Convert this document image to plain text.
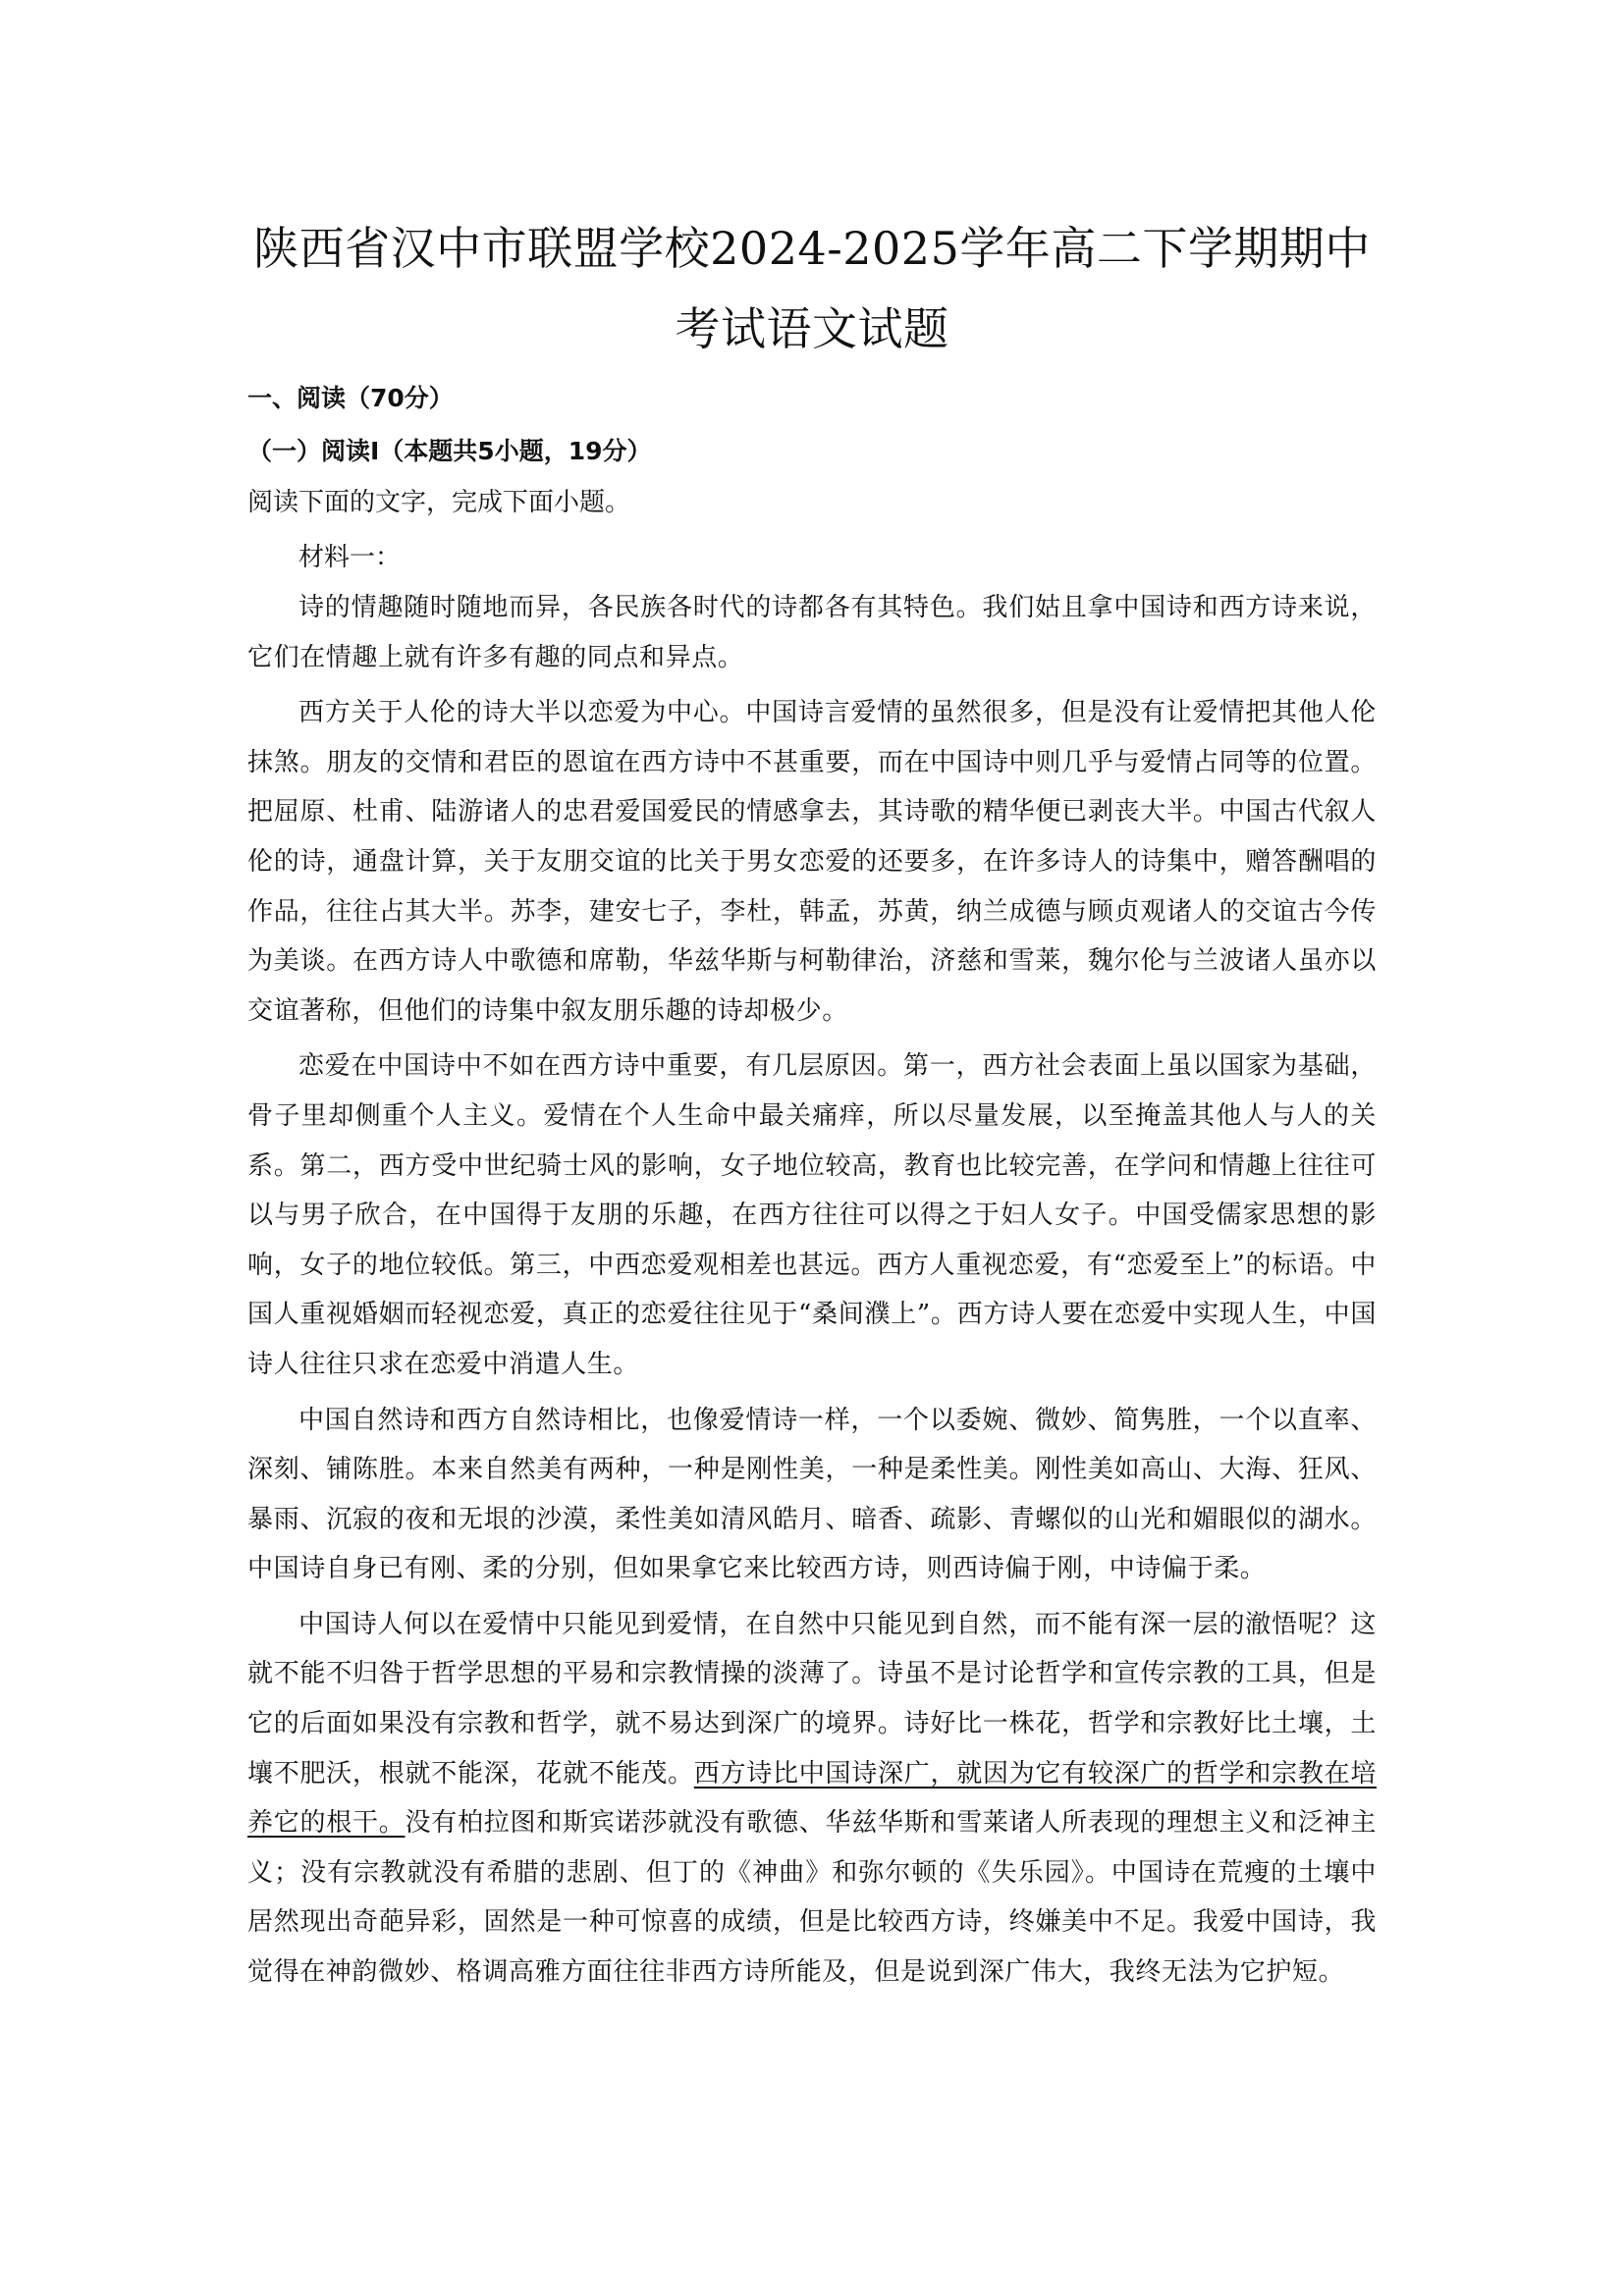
陕西省汉中市联盟学校2024-2025学年高二下学期期中
考试语文试题
一、阅读（70分）
（一）阅读Ⅰ（本题共5小题，19分）
阅读下面的文字，完成下面小题。
材料一：

诗的情趣随时随地而异，各民族各时代的诗都各有其特色。我们姑且拿中国诗和西方诗来说，它们在情趣上就有许多有趣的同点和异点。

西方关于人伦的诗大半以恋爱为中心。中国诗言爱情的虽然很多，但是没有让爱情把其他人伦抹煞。朋友的交情和君臣的恩谊在西方诗中不甚重要，而在中国诗中则几乎与爱情占同等的位置。把屈原、杜甫、陆游诸人的忠君爱国爱民的情感拿去，其诗歌的精华便已剥丧大半。中国古代叙人伦的诗，通盘计算，关于友朋交谊的比关于男女恋爱的还要多，在许多诗人的诗集中，赠答酬唱的作品，往往占其大半。苏李，建安七子，李杜，韩孟，苏黄，纳兰成德与顾贞观诸人的交谊古今传为美谈。在西方诗人中歌德和席勒，华兹华斯与柯勒律治，济慈和雪莱，魏尔伦与兰波诸人虽亦以交谊著称，但他们的诗集中叙友朋乐趣的诗却极少。

恋爱在中国诗中不如在西方诗中重要，有几层原因。第一，西方社会表面上虽以国家为基础，骨子里却侧重个人主义。爱情在个人生命中最关痛痒，所以尽量发展，以至掩盖其他人与人的关系。第二，西方受中世纪骑士风的影响，女子地位较高，教育也比较完善，在学问和情趣上往往可以与男子欣合，在中国得于友朋的乐趣，在西方往往可以得之于妇人女子。中国受儒家思想的影响，女子的地位较低。第三，中西恋爱观相差也甚远。西方人重视恋爱，有“恋爱至上”的标语。中国人重视婚姻而轻视恋爱，真正的恋爱往往见于“桑间濮上”。西方诗人要在恋爱中实现人生，中国诗人往往只求在恋爱中消遣人生。

中国自然诗和西方自然诗相比，也像爱情诗一样，一个以委婉、微妙、简隽胜，一个以直率、深刻、铺陈胜。本来自然美有两种，一种是刚性美，一种是柔性美。刚性美如高山、大海、狂风、暴雨、沉寂的夜和无垠的沙漠，柔性美如清风皓月、暗香、疏影、青螺似的山光和媚眼似的湖水。中国诗自身已有刚、柔的分别，但如果拿它来比较西方诗，则西诗偏于刚，中诗偏于柔。

中国诗人何以在爱情中只能见到爱情，在自然中只能见到自然，而不能有深一层的澈悟呢？这就不能不归咎于哲学思想的平易和宗教情操的淡薄了。诗虽不是讨论哲学和宣传宗教的工具，但是它的后面如果没有宗教和哲学，就不易达到深广的境界。诗好比一株花，哲学和宗教好比土壤，土壤不肥沃，根就不能深，花就不能茂。西方诗比中国诗深广，就因为它有较深广的哲学和宗教在培养它的根干。没有柏拉图和斯宾诺莎就没有歌德、华兹华斯和雪莱诸人所表现的理想主义和泛神主义；没有宗教就没有希腊的悲剧、但丁的《神曲》和弥尔顿的《失乐园》。中国诗在荒瘦的土壤中居然现出奇葩异彩，固然是一种可惊喜的成绩，但是比较西方诗，终嫌美中不足。我爱中国诗，我觉得在神韵微妙、格调高雅方面往往非西方诗所能及，但是说到深广伟大，我终无法为它护短。
